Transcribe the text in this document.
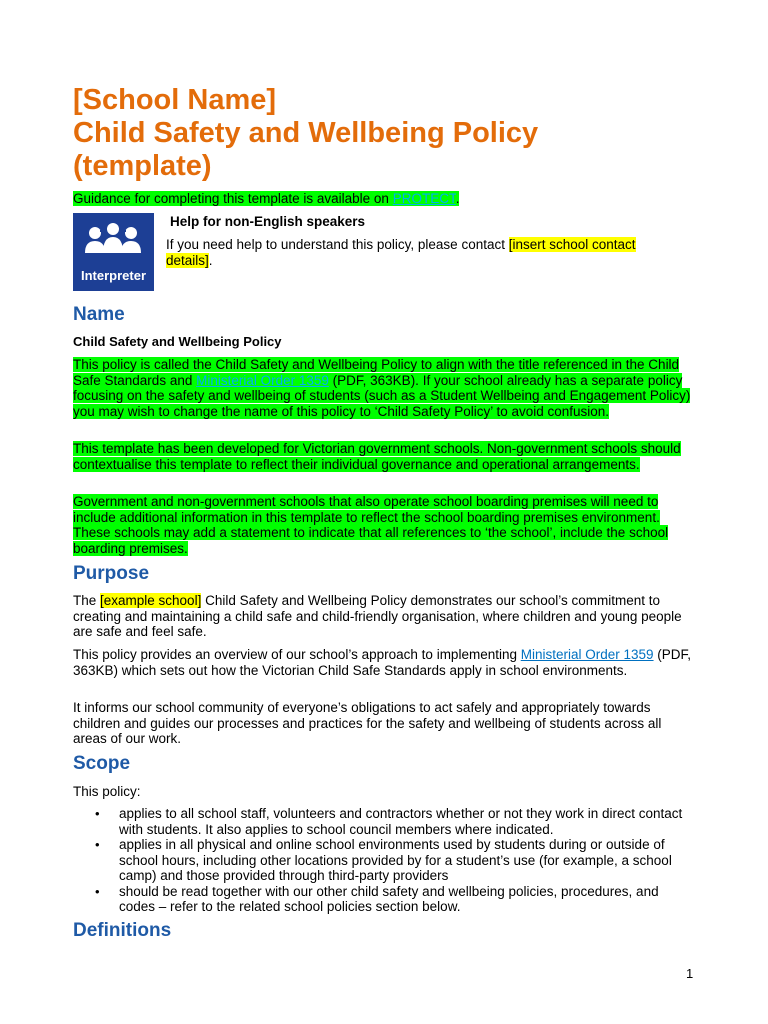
[School Name]
Child Safety and Wellbeing Policy
(template)
Guidance for completing this template is available on PROTECT.
Interpreter
Help for non-English speakers
If you need help to understand this policy, please contact [insert school contact details].
Name
Child Safety and Wellbeing Policy

This policy is called the Child Safety and Wellbeing Policy to align with the title referenced in the Child Safe Standards and Ministerial Order 1359 (PDF, 363KB). If your school already has a separate policy focusing on the safety and wellbeing of students (such as a Student Wellbeing and Engagement Policy) you may wish to change the name of this policy to ‘Child Safety Policy’ to avoid confusion.

This template has been developed for Victorian government schools. Non-government schools should contextualise this template to reflect their individual governance and operational arrangements.

Government and non-government schools that also operate school boarding premises will need to include additional information in this template to reflect the school boarding premises environment. These schools may add a statement to indicate that all references to ‘the school’, include the school boarding premises.

Purpose

The [example school] Child Safety and Wellbeing Policy demonstrates our school’s commitment to creating and maintaining a child safe and child-friendly organisation, where children and young people are safe and feel safe.

This policy provides an overview of our school’s approach to implementing Ministerial Order 1359 (PDF, 363KB) which sets out how the Victorian Child Safe Standards apply in school environments.

It informs our school community of everyone’s obligations to act safely and appropriately towards children and guides our processes and practices for the safety and wellbeing of students across all areas of our work.

Scope

This policy:

• applies to all school staff, volunteers and contractors whether or not they work in direct contact with students. It also applies to school council members where indicated.
• applies in all physical and online school environments used by students during or outside of school hours, including other locations provided by for a student’s use (for example, a school camp) and those provided through third-party providers
• should be read together with our other child safety and wellbeing policies, procedures, and codes – refer to the related school policies section below.
Definitions
1
